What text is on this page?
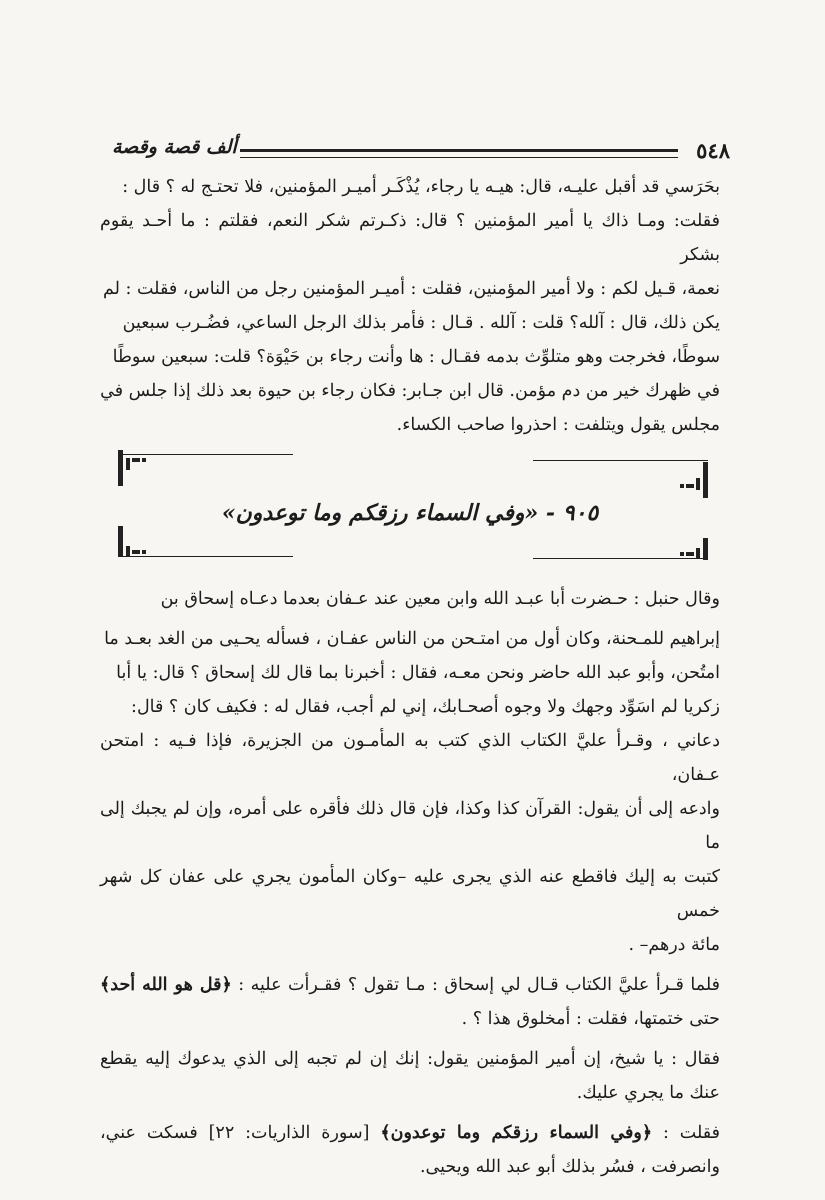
٥٤٨
ألف قصة وقصة

بحَرَسي قد أقبل عليـه، قال: هيـه يا رجاء، يُذْكَـر أميـر المؤمنين، فلا تحتـج له ؟ قال :

فقلت: ومـا ذاك يا أمير المؤمنين ؟ قال: ذكـرتم شكر النعم، فقلتم : ما أحـد يقوم بشكر

نعمة، قـيل لكم : ولا أمير المؤمنين، فقلت : أميـر المؤمنين رجل من الناس، فقلت : لم

يكن ذلك، قال : آلله؟ قلت : آلله . قـال : فأمر بذلك الرجل الساعي، فضُـرب سبعين

سوطًا، فخرجت وهو متلوِّث بدمه فقـال : ها وأنت رجاء بن حَيْوَة؟ قلت: سبعين سوطًا

في ظهرك خير من دم مؤمن. قال ابن جـابر: فكان رجاء بن حيوة بعد ذلك إذا جلس في

مجلس يقول ويتلفت : احذروا صاحب الكساء.

٩٠٥ - «وفي السماء رزقكم وما توعدون»

وقال حنبل : حـضرت أبا عبـد الله وابن معين عند عـفان بعدما دعـاه إسحاق بن

إبراهيم للمـحنة، وكان أول من امتـحن من الناس عفـان ، فسأله يحـيى من الغد بعـد ما

امتُحن، وأبو عبد الله حاضر ونحن معـه، فقال : أخبرنا بما قال لك إسحاق ؟ قال: يا أبا

زكريا لم اسَوِّد وجهك ولا وجوه أصحـابك، إني لم أجب، فقال له : فكيف كان ؟ قال:

دعاني ، وقـرأ عليَّ الكتاب الذي كتب به المأمـون من الجزيرة، فإذا فـيه : امتحن عـفان،

وادعه إلى أن يقول: القرآن كذا وكذا، فإن قال ذلك فأقره على أمره، وإن لم يجبك إلى ما

كتبت به إليك فاقطع عنه الذي يجرى عليه –وكان المأمون يجري على عفان كل شهر خمس

مائة درهم– .

فلما قـرأ عليَّ الكتاب قـال لي إسحاق : مـا تقول ؟ فقـرأت عليه : ﴿قل هو الله أحد﴾ حتى ختمتها، فقلت : أمخلوق هذا ؟ .

فقال : يا شيخ، إن أمير المؤمنين يقول: إنك إن لم تجبه إلى الذي يدعوك إليه يقطع عنك ما يجري عليك.

فقلت : ﴿وفي السماء رزقكم وما توعدون﴾ [سورة الذاريات: ٢٢] فسكت عني، وانصرفت ، فسُر بذلك أبو عبد الله ويحيى.
